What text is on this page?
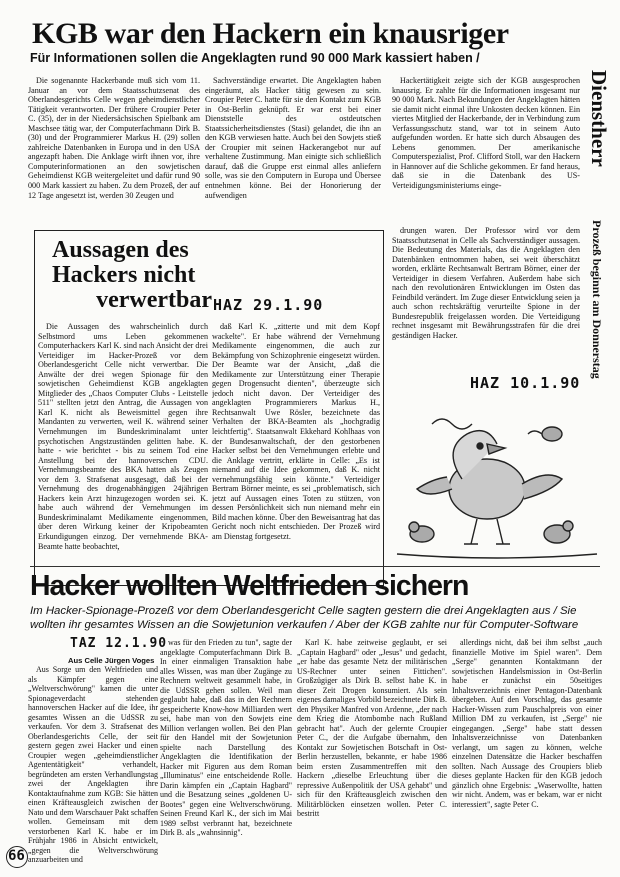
KGB war den Hackern ein knausriger
Für Informationen sollen die Angeklagten rund 90 000 Mark kassiert haben /

Die sogenannte Hackerbande muß sich vom 11. Januar an vor dem Staatsschutzsenat des Oberlandesgerichts Celle wegen geheimdienstlicher Tätigkeit verantworten. Der frühere Croupier Peter C. (35), der in der Niedersächsischen Spielbank am Maschsee tätig war, der Computerfachmann Dirk B. (30) und der Programmierer Markus H. (29) sollen zahlreiche Datenbanken in Europa und in den USA angezapft haben. Die Anklage wirft ihnen vor, ihre Computerinformationen an den sowjetischen Geheimdienst KGB weitergeleitet und dafür rund 90 000 Mark kassiert zu haben. Zu dem Prozeß, der auf 12 Tage angesetzt ist, werden 30 Zeugen und

Sachverständige erwartet. Die Angeklagten haben eingeräumt, als Hacker tätig gewesen zu sein. Croupier Peter C. hatte für sie den Kontakt zum KGB in Ost-Berlin geknüpft. Er war erst bei einer Dienststelle des ostdeutschen Staatssicherheitsdienstes (Stasi) gelandet, die ihn an den KGB verwiesen hatte. Auch bei den Sowjets stieß der Croupier mit seinen Hackerangebot nur auf verhaltene Zustimmung. Man einigte sich schließlich darauf, daß die Gruppe erst einmal alles anliefern solle, was sie den Computern in Europa und Übersee entnehmen könne. Bei der Honorierung der aufwendigen

Hackertätigkeit zeigte sich der KGB ausgesprochen knausrig. Er zahlte für die Informationen insgesamt nur 90 000 Mark. Nach Bekundungen der Angeklagten hätten sie damit nicht einmal ihre Unkosten decken können. Ein viertes Mitglied der Hackerbande, der in Verbindung zum Verfassungsschutz stand, war tot in seinem Auto aufgefunden worden. Er hatte sich durch Absaugen des Lebens genommen. Der amerikanische Computerspezialist, Prof. Clifford Stoll, war den Hackern in Hannover auf die Schliche gekommen. Er fand heraus, daß sie in die Datenbank des US-Verteidigungsministeriums einge-

drungen waren. Der Professor wird vor dem Staatsschutzsenat in Celle als Sachverständiger aussagen. Die Bedeutung des Materials, das die Angeklagten den Datenbänken entnommen haben, sei weit überschätzt worden, erklärte Rechtsanwalt Bertram Börner, einer der Verteidiger in diesem Verfahren. Außerdem habe sich nach den revolutionären Entwicklungen im Osten das Feindbild verändert. Im Zuge dieser Entwicklung seien ja auch schon rechtskräftig verurteilte Spione in der Bundesrepublik freigelassen worden. Die Verteidigung rechnet insgesamt mit Bewährungsstrafen für die drei geständigen Hacker.

Dienstherr
Prozeß beginnt am Donnerstag
Aussagen des
Hackers nicht
verwertbar HAZ 29.1.90

Die Aussagen des wahrscheinlich durch Selbstmord ums Leben gekommenen Computerhackers Karl K. sind nach Ansicht der drei Verteidiger im Hacker-Prozeß vor dem Oberlandesgericht Celle nicht verwertbar. Die Anwälte der drei wegen Spionage für den sowjetischen Geheimdienst KGB angeklagten Mitglieder des „Chaos Computer Clubs - Leitstelle 511" stellten jetzt den Antrag, die Aussagen von Karl K. nicht als Beweismittel gegen ihre Mandanten zu verwerten, weil K. während seiner Vernehmungen im Bundeskriminalamt unter psychotischen Angstzuständen gelitten habe. K. hatte - wie berichtet - bis zu seinem Tod eine Anstellung bei der hannoverschen CDU. Vernehmungsbeamte des BKA hatten als Zeugen vor dem 3. Strafsenat ausgesagt, daß bei der Vernehmung des drogenabhängigen 24jährigen Hackers kein Arzt hinzugezogen worden sei. K. habe auch während der Vernehmungen im Bundeskriminalamt Medikamente eingenommen, über deren Wirkung keiner der Kripobeamten Erkundigungen einzog. Der vernehmende BKA-Beamte hatte beobachtet,

daß Karl K. „zitterte und mit dem Kopf wackelte". Er habe während der Vernehmung Medikamente eingenommen, die auch zur Bekämpfung von Schizophrenie eingesetzt würden. Der Beamte war der Ansicht, „daß die Medikamente zur Unterstützung einer Therapie gegen Drogensucht dienten", überzeugte sich jedoch nicht davon. Der Verteidiger des angeklagten Programmierers Markus H., Rechtsanwalt Uwe Rösler, bezeichnete das Verhalten der BKA-Beamten als „hochgradig leichtfertig". Staatsanwalt Ekkehard Kohlhaas von der Bundesanwaltschaft, der den gestorbenen Hacker selbst bei den Vernehmungen erlebte und die Anklage vertritt, erklärte in Celle: „Es ist niemand auf die Idee gekommen, daß K. nicht vernehmungsfähig sein könnte." Verteidiger Bertram Börner meinte, es sei „problematisch, sich jetzt auf Aussagen eines Toten zu stützen, von dessen Persönlichkeit sich nun niemand mehr ein Bild machen könne. Über den Beweisantrag hat das Gericht noch nicht entschieden. Der Prozeß wird am Dienstag fortgesetzt.

HAZ 10.1.90
Hacker wollten Weltfrieden sichern
Im Hacker-Spionage-Prozeß vor dem Oberlandesgericht Celle sagten gestern die drei Angeklagten aus / Sie wollten ihr gesamtes Wissen an die Sowjetunion verkaufen / Aber der KGB zahlte nur für Computer-Software
TAZ 12.1.90
Aus Celle Jürgen Voges

Aus Sorge um den Weltfrieden und als Kämpfer gegen eine „Weltverschwörung" kamen die unter Spionageverdacht stehenden hannoverschen Hacker auf die Idee, ihr gesamtes Wissen an die UdSSR zu verkaufen. Vor dem 3. Strafsenat des Oberlandesgerichts Celle, der seit gestern gegen zwei Hacker und einen Croupier wegen „geheimdienstlicher Agententätigkeit" verhandelt, begründeten am ersten Verhandlungstag zwei der Angeklagten ihre Kontaktaufnahme zum KGB: Sie hätten einen Kräfteausgleich zwischen der Nato und dem Warschauer Pakt schaffen wollen. Gemeinsam mit dem verstorbenen Karl K. habe er im Frühjahr 1986 in Absicht entwickelt, „gegen die Weltverschwörung anzuarbeiten und

was für den Frieden zu tun", sagte der angeklagte Computerfachmann Dirk B. In einer einmaligen Transaktion habe alles Wissen, was man über Zugänge zu Rechnern weltweit gesammelt habe, in die UdSSR gehen sollen. Weil man geglaubt habe, daß das in den Rechnern gespeicherte Know-how Milliarden wert sei, habe man von den Sowjets eine Million verlangen wollen. Bei den Plan für den Handel mit der Sowjetunion spielte nach Darstellung des Angeklagten die Identifikation der Hacker mit Figuren aus dem Roman „Illuminatus" eine entscheidende Rolle. Darin kämpfen ein „Captain Hagbard" und die Besatzung seines „goldenen U-Bootes" gegen eine Weltverschwörung. Seinen Freund Karl K., der sich im Mai 1989 selbst verbrannt hat, bezeichnete Dirk B. als „wahnsinnig".

Karl K. habe zeitweise geglaubt, er sei „Captain Hagbard" oder „Jesus" und gedacht, „er habe das gesamte Netz der militärischen US-Rechner unter seinen Fittichen". Großzügiger als Dirk B. selbst habe K. in dieser Zeit Drogen konsumiert. Als sein eigenes damaliges Vorbild bezeichnete Dirk B. den Physiker Manfred von Ardenne, „der nach dem Krieg die Atombombe nach Rußland gebracht hat". Auch der gelernte Croupier Peter C., der die Aufgabe übernahm, den Kontakt zur Sowjetischen Botschaft in Ost-Berlin herzustellen, bekannte, er habe 1986 beim ersten Zusammentreffen mit den Hackern „dieselbe Erleuchtung über die repressive Außenpolitik der USA gehabt" und sich für den Kräfteausgleich zwischen den Militärblöcken einsetzen wollen. Peter C. bestritt

allerdings nicht, daß bei ihm selbst „auch finanzielle Motive im Spiel waren". Dem „Serge" genannten Kontaktmann der sowjetischen Handelsmission in Ost-Berlin habe er zunächst ein 50seitiges Inhaltsverzeichnis einer Pentagon-Datenbank übergeben. Auf den Vorschlag, das gesamte Hacker-Wissen zum Pauschalpreis von einer Million DM zu verkaufen, ist „Serge" nie eingegangen. „Serge" habe statt dessen Inhaltsverzeichnisse von Datenbanken verlangt, um sagen zu können, welche einzelnen Datensätze die Hacker beschaffen sollten. Nach Aussage des Croupiers blieb dieses geplante Hacken für den KGB jedoch gänzlich ohne Ergebnis: „Waserwollte, hatten wir nicht. Andem, was er bekam, war er nicht interessiert", sagte Peter C.

66
